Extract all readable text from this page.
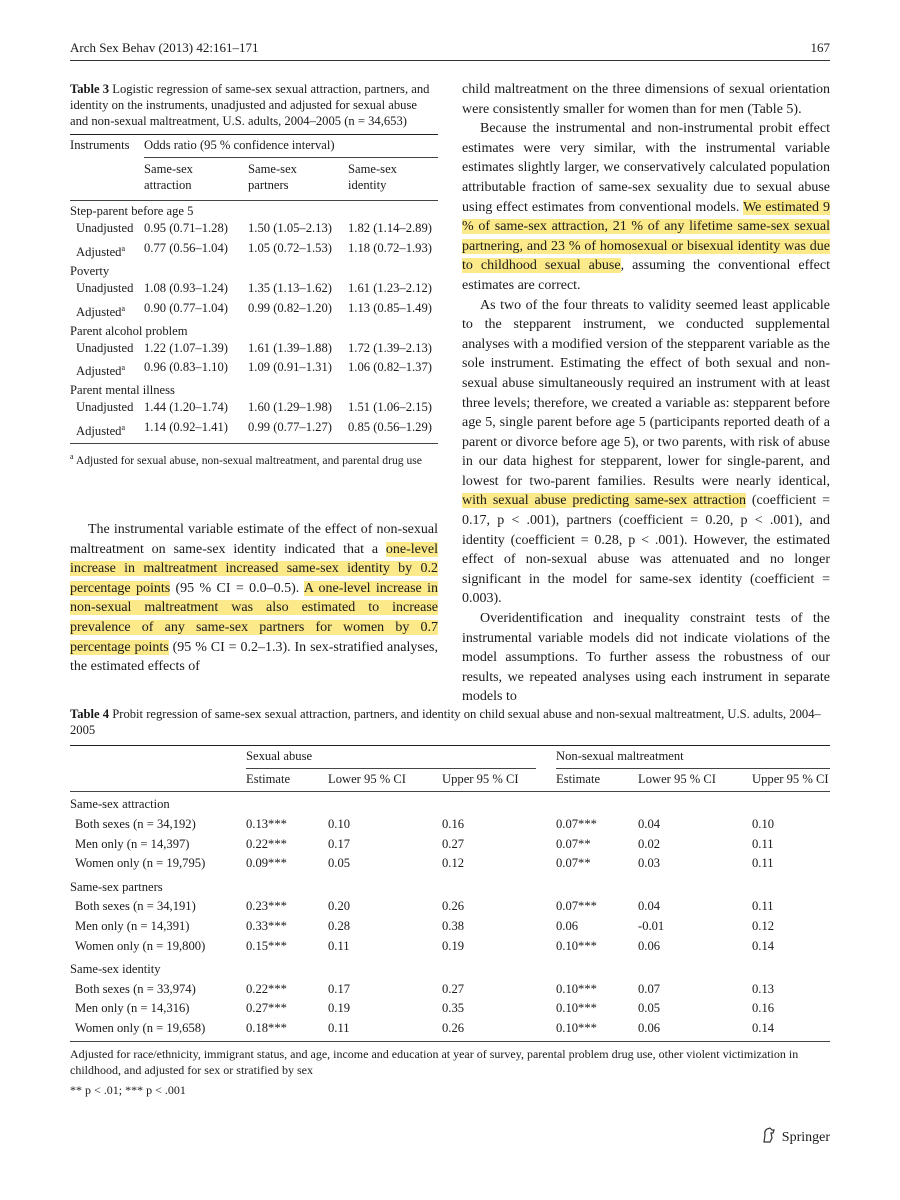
Arch Sex Behav (2013) 42:161–171	167
Table 3 Logistic regression of same-sex sexual attraction, partners, and identity on the instruments, unadjusted and adjusted for sexual abuse and non-sexual maltreatment, U.S. adults, 2004–2005 (n = 34,653)
Instruments	Odds ratio (95 % confidence interval)		

	Same-sex attraction	Same-sex partners	Same-sex identity

Step-parent before age 5			
Unadjusted	0.95 (0.71–1.28)	1.50 (1.05–2.13)	1.82 (1.14–2.89)
Adjusted$^a$	0.77 (0.56–1.04)	1.05 (0.72–1.53)	1.18 (0.72–1.93)
Poverty			
Unadjusted	1.08 (0.93–1.24)	1.35 (1.13–1.62)	1.61 (1.23–2.12)
Adjusted$^a$	0.90 (0.77–1.04)	0.99 (0.82–1.20)	1.13 (0.85–1.49)
Parent alcohol problem			
Unadjusted	1.22 (1.07–1.39)	1.61 (1.39–1.88)	1.72 (1.39–2.13)
Adjusted$^a$	0.96 (0.83–1.10)	1.09 (0.91–1.31)	1.06 (0.82–1.37)
Parent mental illness			
Unadjusted	1.44 (1.20–1.74)	1.60 (1.29–1.98)	1.51 (1.06–2.15)
Adjusted$^a$	1.14 (0.92–1.41)	0.99 (0.77–1.27)	0.85 (0.56–1.29)

$^a$ Adjusted for sexual abuse, non-sexual maltreatment, and parental drug use
The instrumental variable estimate of the effect of non-sexual maltreatment on same-sex identity indicated that a one-level increase in maltreatment increased same-sex identity by 0.2 percentage points (95 % CI = 0.0–0.5). A one-level increase in non-sexual maltreatment was also estimated to increase prevalence of any same-sex partners for women by 0.7 percentage points (95 % CI = 0.2–1.3). In sex-stratified analyses, the estimated effects of

child maltreatment on the three dimensions of sexual orientation were consistently smaller for women than for men (Table 5).

Because the instrumental and non-instrumental probit effect estimates were very similar, with the instrumental variable estimates slightly larger, we conservatively calculated population attributable fraction of same-sex sexuality due to sexual abuse using effect estimates from conventional models. We estimated 9 % of same-sex attraction, 21 % of any lifetime same-sex sexual partnering, and 23 % of homosexual or bisexual identity was due to childhood sexual abuse, assuming the conventional effect estimates are correct.

As two of the four threats to validity seemed least applicable to the stepparent instrument, we conducted supplemental analyses with a modified version of the stepparent variable as the sole instrument. Estimating the effect of both sexual and non-sexual abuse simultaneously required an instrument with at least three levels; therefore, we created a variable as: stepparent before age 5, single parent before age 5 (participants reported death of a parent or divorce before age 5), or two parents, with risk of abuse in our data highest for stepparent, lower for single-parent, and lowest for two-parent families. Results were nearly identical, with sexual abuse predicting same-sex attraction (coefficient = 0.17, p < .001), partners (coefficient = 0.20, p < .001), and identity (coefficient = 0.28, p < .001). However, the estimated effect of non-sexual abuse was attenuated and no longer significant in the model for same-sex identity (coefficient = 0.003).

Overidentification and inequality constraint tests of the instrumental variable models did not indicate violations of the model assumptions. To further assess the robustness of our results, we repeated analyses using each instrument in separate models to

Table 4 Probit regression of same-sex sexual attraction, partners, and identity on child sexual abuse and non-sexual maltreatment, U.S. adults, 2004–2005
	Sexual abuse			Non-sexual maltreatment		

	Estimate	Lower 95 % CI	Upper 95 % CI	Estimate	Lower 95 % CI	Upper 95 % CI

Same-sex attraction						
Both sexes (n = 34,192)	0.13***	0.10	0.16	0.07***	0.04	0.10
Men only (n = 14,397)	0.22***	0.17	0.27	0.07**	0.02	0.11
Women only (n = 19,795)	0.09***	0.05	0.12	0.07**	0.03	0.11
Same-sex partners						
Both sexes (n = 34,191)	0.23***	0.20	0.26	0.07***	0.04	0.11
Men only (n = 14,391)	0.33***	0.28	0.38	0.06	-0.01	0.12
Women only (n = 19,800)	0.15***	0.11	0.19	0.10***	0.06	0.14
Same-sex identity						
Both sexes (n = 33,974)	0.22***	0.17	0.27	0.10***	0.07	0.13
Men only (n = 14,316)	0.27***	0.19	0.35	0.10***	0.05	0.16
Women only (n = 19,658)	0.18***	0.11	0.26	0.10***	0.06	0.14

Adjusted for race/ethnicity, immigrant status, and age, income and education at year of survey, parental problem drug use, other violent victimization in childhood, and adjusted for sex or stratified by sex
** p < .01; *** p < .001
Springer
